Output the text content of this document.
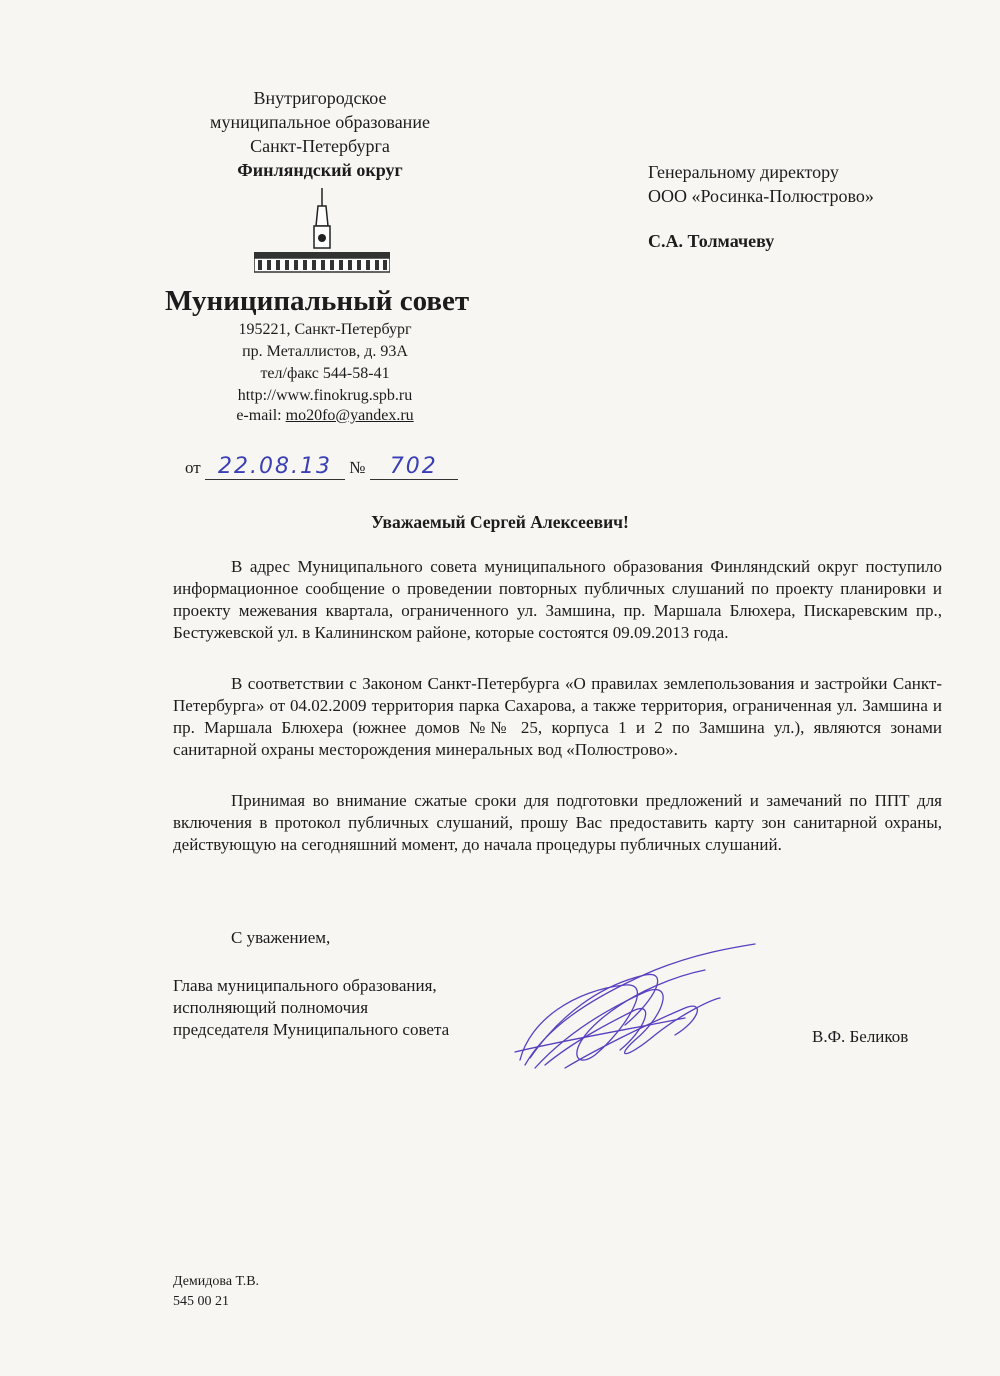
Внутригородское
муниципальное образование
Санкт-Петербурга
Финляндский округ
Муниципальный совет
195221, Санкт-Петербург
пр. Металлистов, д. 93А
тел/факс 544-58-41
http://www.finokrug.spb.ru
e-mail: mo20fo@yandex.ru
Генеральному директору
ООО «Росинка-Полюстрово»
С.А. Толмачеву
от 22.08.13 № 702
Уважаемый Сергей Алексеевич!

В адрес Муниципального совета муниципального образования Финляндский округ поступило информационное сообщение о проведении повторных публичных слушаний по проекту планировки и проекту межевания квартала, ограниченного ул. Замшина, пр. Маршала Блюхера, Пискаревским пр., Бестужевской ул. в Калининском районе, которые состоятся 09.09.2013 года.

В соответствии с Законом Санкт-Петербурга «О правилах землепользования и застройки Санкт-Петербурга» от 04.02.2009 территория парка Сахарова, а также территория, ограниченная ул. Замшина и пр. Маршала Блюхера (южнее домов №№ 25, корпуса 1 и 2 по Замшина ул.), являются зонами санитарной охраны месторождения минеральных вод «Полюстрово».

Принимая во внимание сжатые сроки для подготовки предложений и замечаний по ППТ для включения в протокол публичных слушаний, прошу Вас предоставить карту зон санитарной охраны, действующую на сегодняшний момент, до начала процедуры публичных слушаний.

С уважением,
Глава муниципального образования,
исполняющий полномочия
председателя Муниципального совета	В.Ф. Беликов
Демидова Т.В.
545 00 21
